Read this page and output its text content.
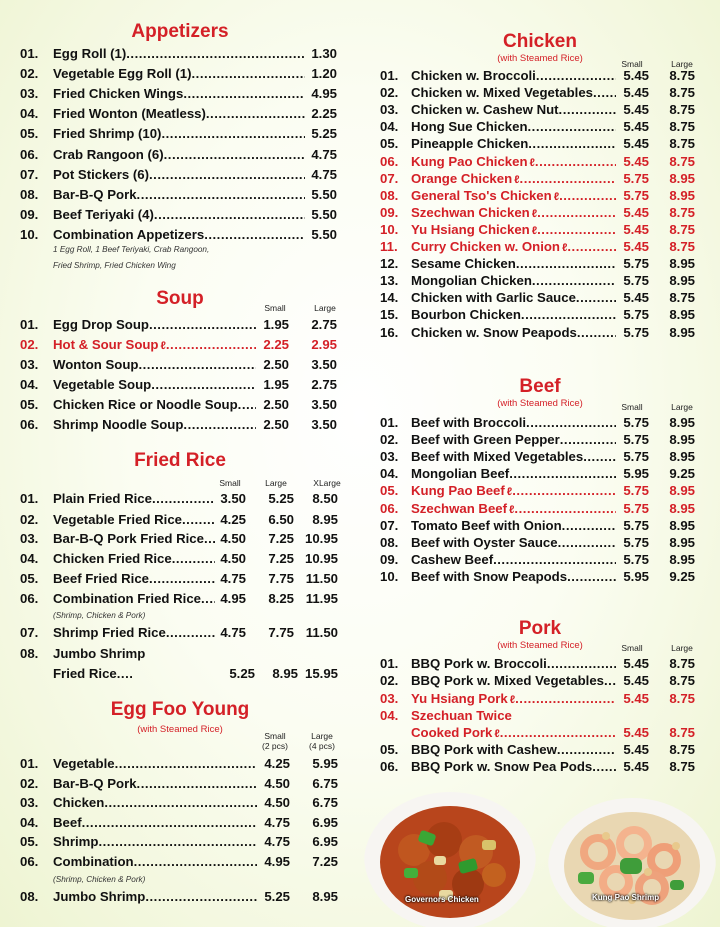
Appetizers
01. Egg Roll (1) .....	1.30
02. Vegetable Egg Roll (1) .....	1.20
03. Fried Chicken Wings .....	4.95
04. Fried Wonton (Meatless) .....	2.25
05. Fried Shrimp (10) .....	5.25
06. Crab Rangoon (6) .....	4.75
07. Pot Stickers (6) .....	4.75
08. Bar-B-Q Pork .....	5.50
09. Beef Teriyaki (4) .....	5.50
10. Combination Appetizers .....	5.50
1 Egg Roll, 1 Beef Teriyaki, Crab Rangoon,
Fried Shrimp, Fried Chicken Wing
Soup	Small	Large
01. Egg Drop Soup .....	1.95	2.75
02. Hot & Sour Soup ℓ .....	2.25	2.95
03. Wonton Soup .....	2.50	3.50
04. Vegetable Soup .....	1.95	2.75
05. Chicken Rice or Noodle Soup .....	2.50	3.50
06. Shrimp Noodle Soup .....	2.50	3.50
Fried Rice
Small	Large	XLarge
01. Plain Fried Rice .....	3.50	5.25	8.50
02. Vegetable Fried Rice .....	4.25	6.50	8.95
03. Bar-B-Q Pork Fried Rice .....	4.50	7.25 10.95
04. Chicken Fried Rice .....	4.50	7.25 10.95
05. Beef Fried Rice .....	4.75	7.75 11.50
06. Combination Fried Rice .....	4.95	8.25 11.95
07. Shrimp Fried Rice .....	4.75	7.75 11.50
(Shrimp, Chicken & Pork)
08. Jumbo Shrimp
Fried Rice .....	5.25	8.95 15.95
Egg Foo Young
(with Steamed Rice)
Small
(2 pcs)
Large
(4 pcs)
01. Vegetable .....	4.25	5.95
02. Bar-B-Q Pork .....	4.50	6.75
03. Chicken .....	4.50	6.75
04. Beef .....	4.75	6.95
05. Shrimp .....	4.75	6.95
06. Combination .....	4.95	7.25
08. Jumbo Shrimp .....	5.25	8.95
(Shrimp, Chicken & Pork)
Chicken
(with Steamed Rice)	Small	Large
01. Chicken w. Broccoli .....	5.45	8.75
02. Chicken w. Mixed Vegetables .....	5.45	8.75
03. Chicken w. Cashew Nut .....	5.45	8.75
04. Hong Sue Chicken .....	5.45	8.75
05. Pineapple Chicken .....	5.45	8.75
06. Kung Pao Chicken ℓ .....	5.45	8.75
07. Orange Chicken ℓ .....	5.75	8.95
08. General Tso's Chicken ℓ .....	5.75	8.95
09. Szechwan Chicken ℓ .....	5.45	8.75
10. Yu Hsiang Chicken ℓ .....	5.45	8.75
11. Curry Chicken w. Onion ℓ .....	5.45	8.75
12. Sesame Chicken .....	5.75	8.95
13. Mongolian Chicken .....	5.75	8.95
14. Chicken with Garlic Sauce .....	5.45	8.75
15. Bourbon Chicken .....	5.75	8.95
16. Chicken w. Snow Peapods .....	5.75	8.95
Beef
(with Steamed Rice)	Small	Large
01. Beef with Broccoli .....	5.75	8.95
02. Beef with Green Pepper .....	5.75	8.95
03. Beef with Mixed Vegetables .....	5.75	8.95
04. Mongolian Beef .....	5.95	9.25
05. Kung Pao Beef ℓ .....	5.75	8.95
06. Szechwan Beef ℓ .....	5.75	8.95
07. Tomato Beef with Onion .....	5.75	8.95
08. Beef with Oyster Sauce .....	5.75	8.95
09. Cashew Beef .....	5.75	8.95
10. Beef with Snow Peapods .....	5.95	9.25
Pork
(with Steamed Rice)	Small	Large
01. BBQ Pork w. Broccoli .....	5.45	8.75
02. BBQ Pork w. Mixed Vegetables .....	5.45	8.75
03. Yu Hsiang Pork ℓ .....	5.45	8.75
04. Szechuan Twice
Cooked Pork ℓ .....	5.45	8.75
05. BBQ Pork with Cashew .....	5.45	8.75
06. BBQ Pork w. Snow Pea Pods .....	5.45	8.75
Governors Chicken	Kung Pao Shrimp
